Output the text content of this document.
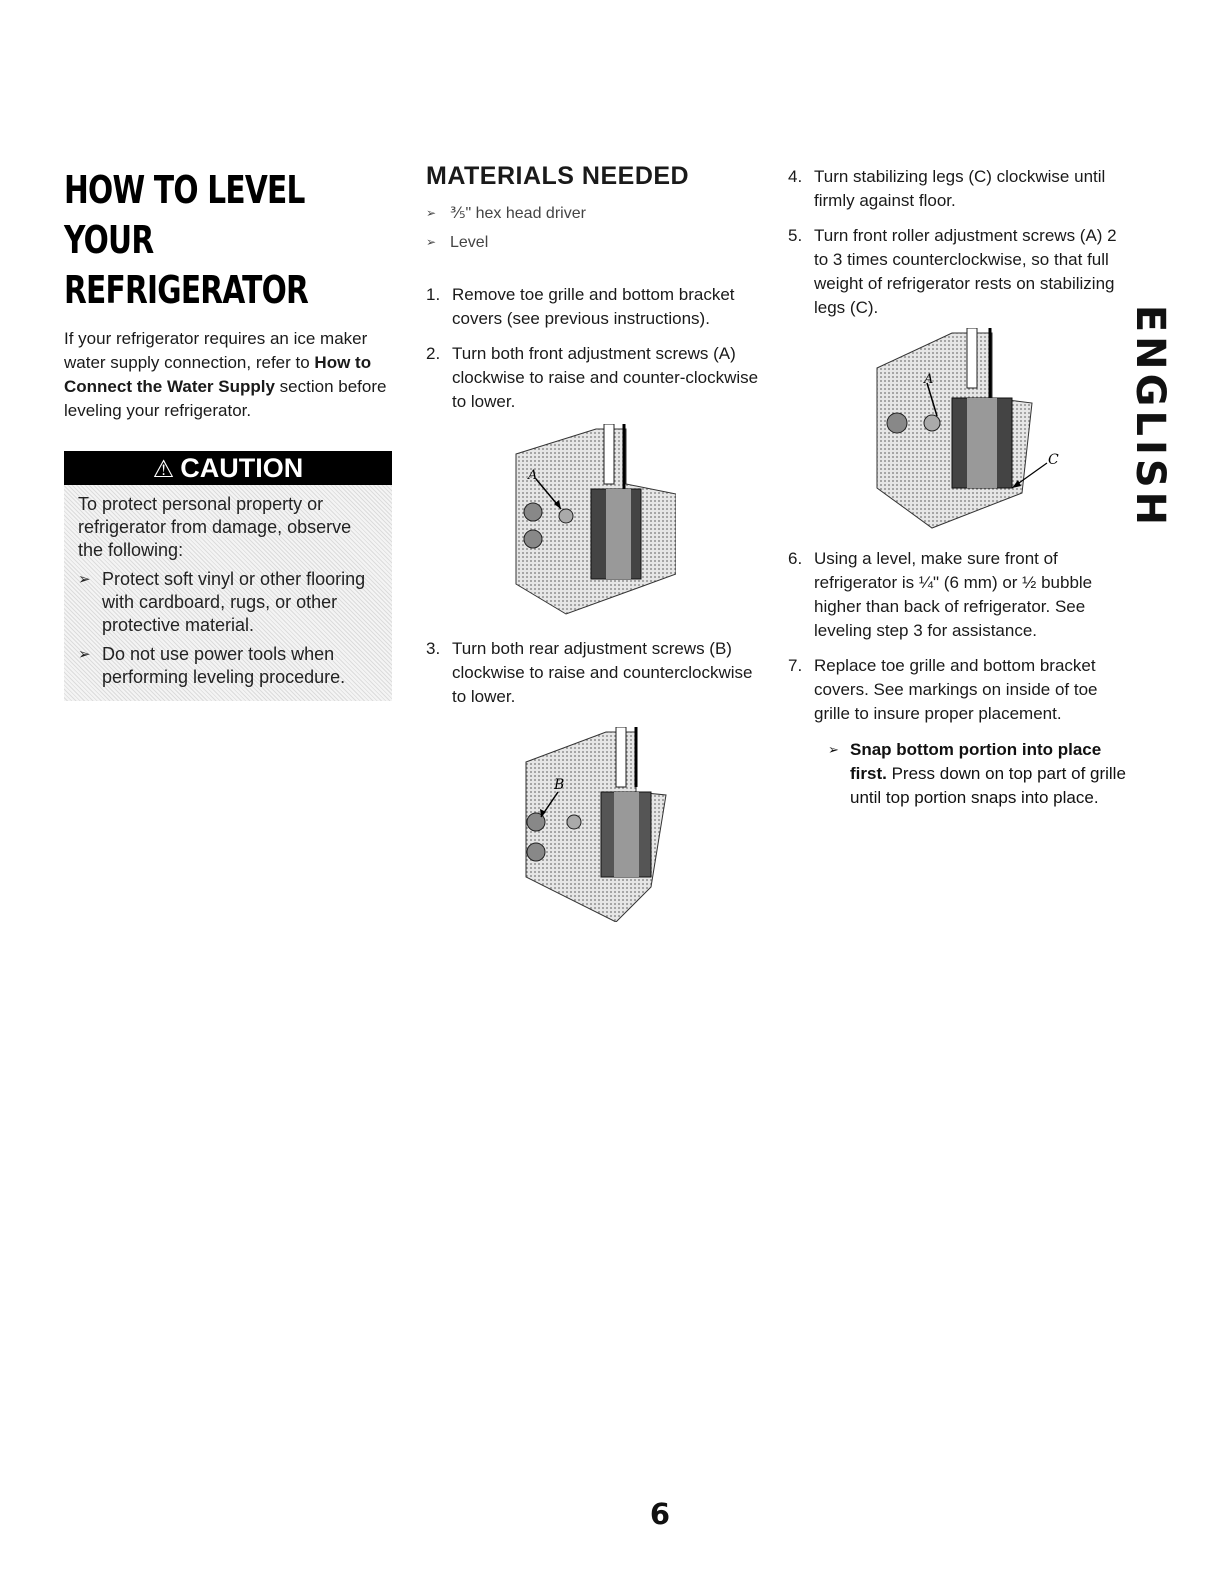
HOW TO LEVEL YOUR REFRIGERATOR

If your refrigerator requires an ice maker water supply connection, refer to How to Connect the Water Supply section before leveling your refrigerator.

⚠ CAUTION
To protect personal property or refrigerator from damage, observe the following:
➢ Protect soft vinyl or other flooring with cardboard, rugs, or other protective material.
➢ Do not use power tools when performing leveling procedure.
MATERIALS NEEDED
➢ ⅗" hex head driver
➢ Level
1. Remove toe grille and bottom bracket covers (see previous instructions).
2. Turn both front adjustment screws (A) clockwise to raise and counter-clockwise to lower.
A
3. Turn both rear adjustment screws (B) clockwise to raise and counterclockwise to lower.
B
4. Turn stabilizing legs (C) clockwise until firmly against floor.
5. Turn front roller adjustment screws (A) 2 to 3 times counterclockwise, so that full weight of refrigerator rests on stabilizing legs (C).
A
C
6. Using a level, make sure front of refrigerator is ¼" (6 mm) or ½ bubble higher than back of refrigerator. See leveling step 3 for assistance.
7. Replace toe grille and bottom bracket covers. See markings on inside of toe grille to insure proper placement.
➢ Snap bottom portion into place first. Press down on top part of grille until top portion snaps into place.
ENGLISH
6
